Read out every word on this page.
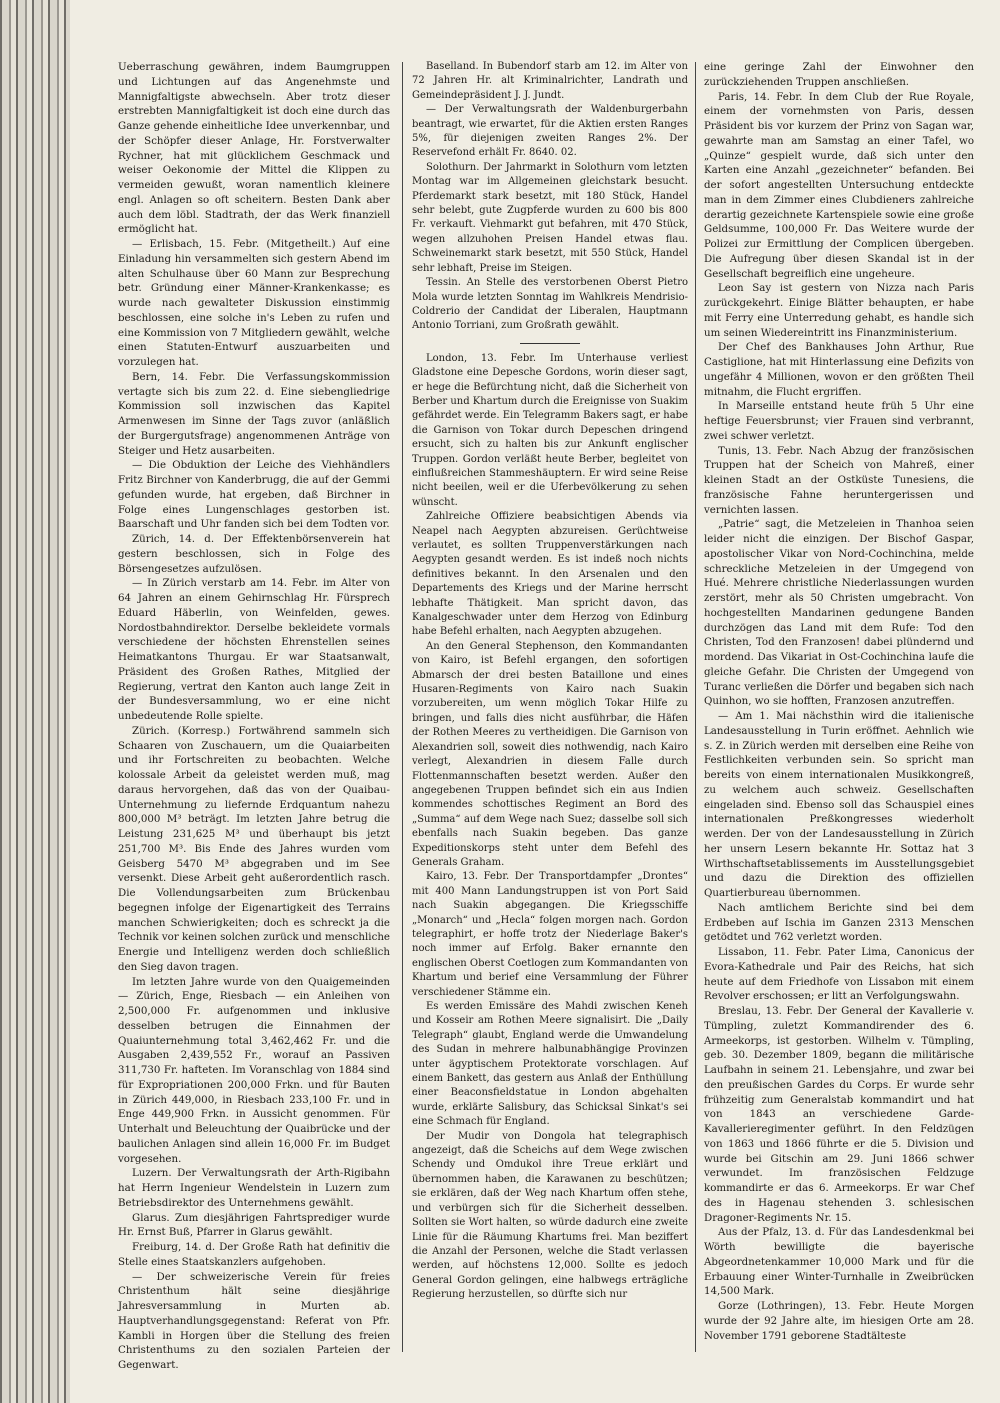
Ueberraschung gewähren, indem Baumgruppen und Lichtungen auf das Angenehmste und Mannigfaltigste abwechseln. Aber trotz dieser erstrebten Mannigfaltigkeit ist doch eine durch das Ganze gehende einheitliche Idee unverkennbar, und der Schöpfer dieser Anlage, Hr. Forstverwalter Rychner, hat mit glücklichem Geschmack und weiser Oekonomie der Mittel die Klippen zu vermeiden gewußt, woran namentlich kleinere engl. Anlagen so oft scheitern. Besten Dank aber auch dem löbl. Stadtrath, der das Werk finanziell ermöglicht hat.

— Erlisbach, 15. Febr. (Mitgetheilt.) Auf eine Einladung hin versammelten sich gestern Abend im alten Schulhause über 60 Mann zur Besprechung betr. Gründung einer Männer-Krankenkasse; es wurde nach gewalteter Diskussion einstimmig beschlossen, eine solche in's Leben zu rufen und eine Kommission von 7 Mitgliedern gewählt, welche einen Statuten-Entwurf auszuarbeiten und vorzulegen hat.

Bern, 14. Febr. Die Verfassungskommission vertagte sich bis zum 22. d. Eine siebengliedrige Kommission soll inzwischen das Kapitel Armenwesen im Sinne der Tags zuvor (anläßlich der Burgergutsfrage) angenommenen Anträge von Steiger und Hetz ausarbeiten.

— Die Obduktion der Leiche des Viehhändlers Fritz Birchner von Kanderbrugg, die auf der Gemmi gefunden wurde, hat ergeben, daß Birchner in Folge eines Lungenschlages gestorben ist. Baarschaft und Uhr fanden sich bei dem Todten vor.

Zürich, 14. d. Der Effektenbörsenverein hat gestern beschlossen, sich in Folge des Börsengesetzes aufzulösen.

— In Zürich verstarb am 14. Febr. im Alter von 64 Jahren an einem Gehirnschlag Hr. Fürsprech Eduard Häberlin, von Weinfelden, gewes. Nordostbahndirektor. Derselbe bekleidete vormals verschiedene der höchsten Ehrenstellen seines Heimatkantons Thurgau. Er war Staatsanwalt, Präsident des Großen Rathes, Mitglied der Regierung, vertrat den Kanton auch lange Zeit in der Bundesversammlung, wo er eine nicht unbedeutende Rolle spielte.

Zürich. (Korresp.) Fortwährend sammeln sich Schaaren von Zuschauern, um die Quaiarbeiten und ihr Fortschreiten zu beobachten. Welche kolossale Arbeit da geleistet werden muß, mag daraus hervorgehen, daß das von der Quaibau-Unternehmung zu liefernde Erdquantum nahezu 800,000 M³ beträgt. Im letzten Jahre betrug die Leistung 231,625 M³ und überhaupt bis jetzt 251,700 M³. Bis Ende des Jahres wurden vom Geisberg 5470 M³ abgegraben und im See versenkt. Diese Arbeit geht außerordentlich rasch. Die Vollendungsarbeiten zum Brückenbau begegnen infolge der Eigenartigkeit des Terrains manchen Schwierigkeiten; doch es schreckt ja die Technik vor keinen solchen zurück und menschliche Energie und Intelligenz werden doch schließlich den Sieg davon tragen.

Im letzten Jahre wurde von den Quaigemeinden — Zürich, Enge, Riesbach — ein Anleihen von 2,500,000 Fr. aufgenommen und inklusive desselben betrugen die Einnahmen der Quaiunternehmung total 3,462,462 Fr. und die Ausgaben 2,439,552 Fr., worauf an Passiven 311,730 Fr. hafteten. Im Voranschlag von 1884 sind für Expropriationen 200,000 Frkn. und für Bauten in Zürich 449,000, in Riesbach 233,100 Fr. und in Enge 449,900 Frkn. in Aussicht genommen. Für Unterhalt und Beleuchtung der Quaibrücke und der baulichen Anlagen sind allein 16,000 Fr. im Budget vorgesehen.

Luzern. Der Verwaltungsrath der Arth-Rigibahn hat Herrn Ingenieur Wendelstein in Luzern zum Betriebsdirektor des Unternehmens gewählt.

Glarus. Zum diesjährigen Fahrtsprediger wurde Hr. Ernst Buß, Pfarrer in Glarus gewählt.

Freiburg, 14. d. Der Große Rath hat definitiv die Stelle eines Staatskanzlers aufgehoben.

— Der schweizerische Verein für freies Christenthum hält seine diesjährige Jahresversammlung in Murten ab. Hauptverhandlungsgegenstand: Referat von Pfr. Kambli in Horgen über die Stellung des freien Christenthums zu den sozialen Parteien der Gegenwart.

Baselland. In Bubendorf starb am 12. im Alter von 72 Jahren Hr. alt Kriminalrichter, Landrath und Gemeindepräsident J. J. Jundt.

— Der Verwaltungsrath der Waldenburgerbahn beantragt, wie erwartet, für die Aktien ersten Ranges 5%, für diejenigen zweiten Ranges 2%. Der Reservefond erhält Fr. 8640. 02.

Solothurn. Der Jahrmarkt in Solothurn vom letzten Montag war im Allgemeinen gleichstark besucht. Pferdemarkt stark besetzt, mit 180 Stück, Handel sehr belebt, gute Zugpferde wurden zu 600 bis 800 Fr. verkauft. Viehmarkt gut befahren, mit 470 Stück, wegen allzuhohen Preisen Handel etwas flau. Schweinemarkt stark besetzt, mit 550 Stück, Handel sehr lebhaft, Preise im Steigen.

Tessin. An Stelle des verstorbenen Oberst Pietro Mola wurde letzten Sonntag im Wahlkreis Mendrisio-Coldrerio der Candidat der Liberalen, Hauptmann Antonio Torriani, zum Großrath gewählt.

London, 13. Febr. Im Unterhause verliest Gladstone eine Depesche Gordons, worin dieser sagt, er hege die Befürchtung nicht, daß die Sicherheit von Berber und Khartum durch die Ereignisse von Suakim gefährdet werde. Ein Telegramm Bakers sagt, er habe die Garnison von Tokar durch Depeschen dringend ersucht, sich zu halten bis zur Ankunft englischer Truppen. Gordon verläßt heute Berber, begleitet von einflußreichen Stammeshäuptern. Er wird seine Reise nicht beeilen, weil er die Uferbevölkerung zu sehen wünscht.

Zahlreiche Offiziere beabsichtigen Abends via Neapel nach Aegypten abzureisen. Gerüchtweise verlautet, es sollten Truppenverstärkungen nach Aegypten gesandt werden. Es ist indeß noch nichts definitives bekannt. In den Arsenalen und den Departements des Kriegs und der Marine herrscht lebhafte Thätigkeit. Man spricht davon, das Kanalgeschwader unter dem Herzog von Edinburg habe Befehl erhalten, nach Aegypten abzugehen.

An den General Stephenson, den Kommandanten von Kairo, ist Befehl ergangen, den sofortigen Abmarsch der drei besten Bataillone und eines Husaren-Regiments von Kairo nach Suakin vorzubereiten, um wenn möglich Tokar Hilfe zu bringen, und falls dies nicht ausführbar, die Häfen der Rothen Meeres zu vertheidigen. Die Garnison von Alexandrien soll, soweit dies nothwendig, nach Kairo verlegt, Alexandrien in diesem Falle durch Flottenmannschaften besetzt werden. Außer den angegebenen Truppen befindet sich ein aus Indien kommendes schottisches Regiment an Bord des „Summa“ auf dem Wege nach Suez; dasselbe soll sich ebenfalls nach Suakin begeben. Das ganze Expeditionskorps steht unter dem Befehl des Generals Graham.

Kairo, 13. Febr. Der Transportdampfer „Drontes“ mit 400 Mann Landungstruppen ist von Port Said nach Suakin abgegangen. Die Kriegsschiffe „Monarch“ und „Hecla“ folgen morgen nach. Gordon telegraphirt, er hoffe trotz der Niederlage Baker's noch immer auf Erfolg. Baker ernannte den englischen Oberst Coetlogen zum Kommandanten von Khartum und berief eine Versammlung der Führer verschiedener Stämme ein.

Es werden Emissäre des Mahdi zwischen Keneh und Kosseir am Rothen Meere signalisirt. Die „Daily Telegraph“ glaubt, England werde die Umwandelung des Sudan in mehrere halbunabhängige Provinzen unter ägyptischem Protektorate vorschlagen. Auf einem Bankett, das gestern aus Anlaß der Enthüllung einer Beaconsfieldstatue in London abgehalten wurde, erklärte Salisbury, das Schicksal Sinkat's sei eine Schmach für England.

Der Mudir von Dongola hat telegraphisch angezeigt, daß die Scheichs auf dem Wege zwischen Schendy und Omdukol ihre Treue erklärt und übernommen haben, die Karawanen zu beschützen; sie erklären, daß der Weg nach Khartum offen stehe, und verbürgen sich für die Sicherheit desselben. Sollten sie Wort halten, so würde dadurch eine zweite Linie für die Räumung Khartums frei. Man beziffert die Anzahl der Personen, welche die Stadt verlassen werden, auf höchstens 12,000. Sollte es jedoch General Gordon gelingen, eine halbwegs erträgliche Regierung herzustellen, so dürfte sich nur

eine geringe Zahl der Einwohner den zurückziehenden Truppen anschließen.

Paris, 14. Febr. In dem Club der Rue Royale, einem der vornehmsten von Paris, dessen Präsident bis vor kurzem der Prinz von Sagan war, gewahrte man am Samstag an einer Tafel, wo „Quinze“ gespielt wurde, daß sich unter den Karten eine Anzahl „gezeichneter“ befanden. Bei der sofort angestellten Untersuchung entdeckte man in dem Zimmer eines Clubdieners zahlreiche derartig gezeichnete Kartenspiele sowie eine große Geldsumme, 100,000 Fr. Das Weitere wurde der Polizei zur Ermittlung der Complicen übergeben. Die Aufregung über diesen Skandal ist in der Gesellschaft begreiflich eine ungeheure.

Leon Say ist gestern von Nizza nach Paris zurückgekehrt. Einige Blätter behaupten, er habe mit Ferry eine Unterredung gehabt, es handle sich um seinen Wiedereintritt ins Finanzministerium.

Der Chef des Bankhauses John Arthur, Rue Castiglione, hat mit Hinterlassung eine Defizits von ungefähr 4 Millionen, wovon er den größten Theil mitnahm, die Flucht ergriffen.

In Marseille entstand heute früh 5 Uhr eine heftige Feuersbrunst; vier Frauen sind verbrannt, zwei schwer verletzt.

Tunis, 13. Febr. Nach Abzug der französischen Truppen hat der Scheich von Mahreß, einer kleinen Stadt an der Ostküste Tunesiens, die französische Fahne heruntergerissen und vernichten lassen.

„Patrie“ sagt, die Metzeleien in Thanhoa seien leider nicht die einzigen. Der Bischof Gaspar, apostolischer Vikar von Nord-Cochinchina, melde schreckliche Metzeleien in der Umgegend von Hué. Mehrere christliche Niederlassungen wurden zerstört, mehr als 50 Christen umgebracht. Von hochgestellten Mandarinen gedungene Banden durchzögen das Land mit dem Rufe: Tod den Christen, Tod den Franzosen! dabei plündernd und mordend. Das Vikariat in Ost-Cochinchina laufe die gleiche Gefahr. Die Christen der Umgegend von Turanc verließen die Dörfer und begaben sich nach Quinhon, wo sie hofften, Franzosen anzutreffen.

— Am 1. Mai nächsthin wird die italienische Landesausstellung in Turin eröffnet. Aehnlich wie s. Z. in Zürich werden mit derselben eine Reihe von Festlichkeiten verbunden sein. So spricht man bereits von einem internationalen Musikkongreß, zu welchem auch schweiz. Gesellschaften eingeladen sind. Ebenso soll das Schauspiel eines internationalen Preßkongresses wiederholt werden. Der von der Landesausstellung in Zürich her unsern Lesern bekannte Hr. Sottaz hat 3 Wirthschaftsetablissements im Ausstellungsgebiet und dazu die Direktion des offiziellen Quartierbureau übernommen.

Nach amtlichem Berichte sind bei dem Erdbeben auf Ischia im Ganzen 2313 Menschen getödtet und 762 verletzt worden.

Lissabon, 11. Febr. Pater Lima, Canonicus der Evora-Kathedrale und Pair des Reichs, hat sich heute auf dem Friedhofe von Lissabon mit einem Revolver erschossen; er litt an Verfolgungswahn.

Breslau, 13. Febr. Der General der Kavallerie v. Tümpling, zuletzt Kommandirender des 6. Armeekorps, ist gestorben. Wilhelm v. Tümpling, geb. 30. Dezember 1809, begann die militärische Laufbahn in seinem 21. Lebensjahre, und zwar bei den preußischen Gardes du Corps. Er wurde sehr frühzeitig zum Generalstab kommandirt und hat von 1843 an verschiedene Garde-Kavallerieregimenter geführt. In den Feldzügen von 1863 und 1866 führte er die 5. Division und wurde bei Gitschin am 29. Juni 1866 schwer verwundet. Im französischen Feldzuge kommandirte er das 6. Armeekorps. Er war Chef des in Hagenau stehenden 3. schlesischen Dragoner-Regiments Nr. 15.

Aus der Pfalz, 13. d. Für das Landesdenkmal bei Wörth bewilligte die bayerische Abgeordnetenkammer 10,000 Mark und für die Erbauung einer Winter-Turnhalle in Zweibrücken 14,500 Mark.

Gorze (Lothringen), 13. Febr. Heute Morgen wurde der 92 Jahre alte, im hiesigen Orte am 28. November 1791 geborene Stadtälteste
